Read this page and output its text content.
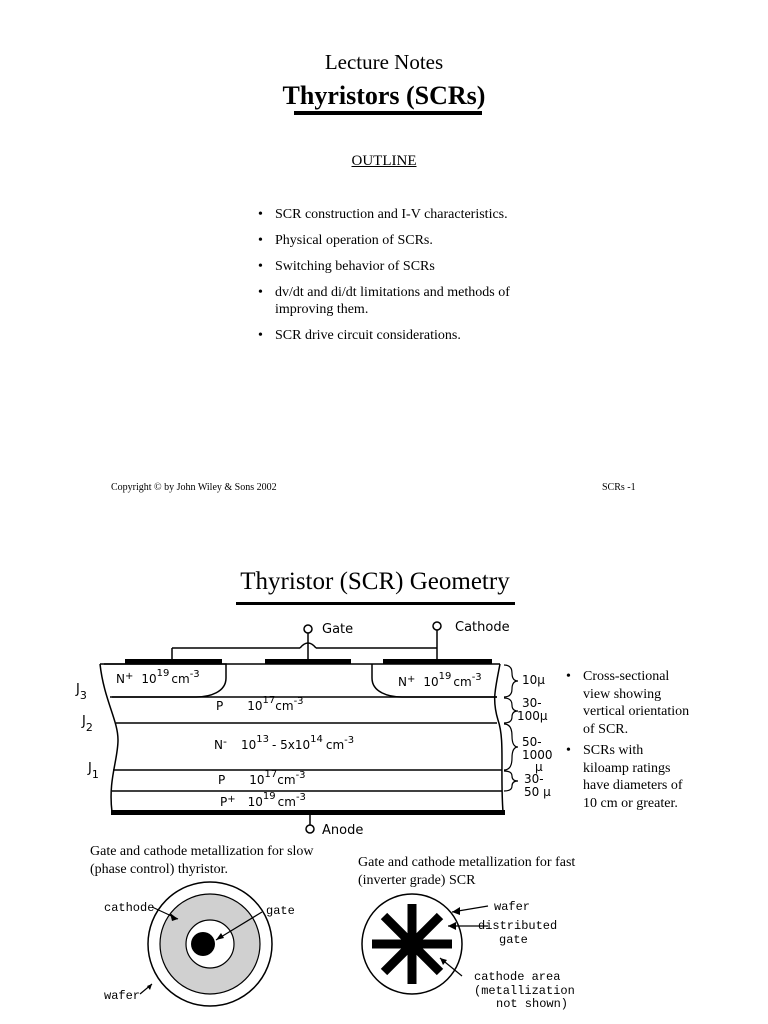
Lecture Notes
Thyristors (SCRs)
OUTLINE
• SCR construction and I-V characteristics.
• Physical operation of SCRs.
• Switching behavior of SCRs
• dv/dt and di/dt limitations and methods of improving them.
• SCR drive circuit considerations.
Copyright © by John Wiley & Sons 2002	SCRs -1
Thyristor (SCR) Geometry
Gate	Cathode
Anode
$J_3$
$J_2$
$J_1$
N+ $10^{19}$ $cm^{-3}$
N+ $10^{19}$ $cm^{-3}$
P $10^{17}cm^{-3}$
N- $10^{13} - 5x10^{14}$ $cm^{-3}$
P $10^{17}cm^{-3}$
P+ $10^{19}$ $cm^{-3}$
10µ
30-
100µ
50-
1000
µ
30-
50 µ
cathode	gate
wafer
wafer
distributed
gate
cathode area
(metallization
not shown)
• Cross-sectional view showing vertical orientation of SCR.
• SCRs with kiloamp ratings have diameters of 10 cm or greater.
Gate and cathode metallization for slow (phase control) thyristor.	Gate and cathode metallization for fast (inverter grade) SCR
